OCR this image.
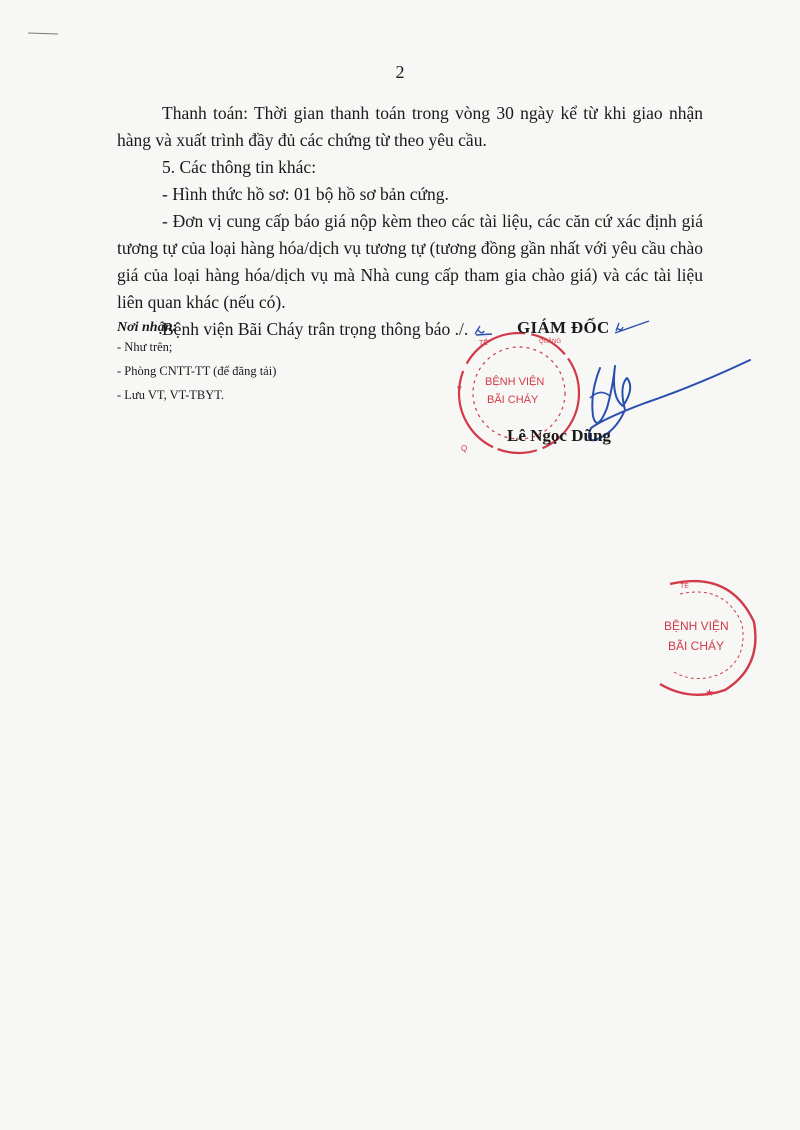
2

Thanh toán: Thời gian thanh toán trong vòng 30 ngày kể từ khi giao nhận hàng và xuất trình đầy đủ các chứng từ theo yêu cầu.

5. Các thông tin khác:

- Hình thức hồ sơ: 01 bộ hồ sơ bản cứng.

- Đơn vị cung cấp báo giá nộp kèm theo các tài liệu, các căn cứ xác định giá tương tự của loại hàng hóa/dịch vụ tương tự (tương đồng gần nhất với yêu cầu chào giá của loại hàng hóa/dịch vụ mà Nhà cung cấp tham gia chào giá) và các tài liệu liên quan khác (nếu có).

Bệnh viện Bãi Cháy trân trọng thông báo ./.

Nơi nhận:
- Như trên;
- Phòng CNTT-TT (để đăng tải)
- Lưu VT, VT-TBYT.
BỆNH VIỆN
BÃI CHÁY
TẾ	QUẢNG
V
Q
GIÁM ĐỐC
Lê Ngọc Dũng
BỆNH VIỆN
BÃI CHÁY
TẾ
★
